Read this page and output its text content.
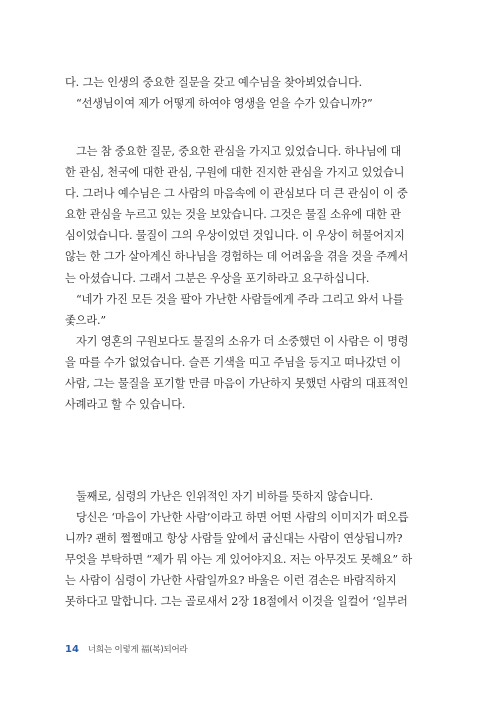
다. 그는 인생의 중요한 질문을 갖고 예수님을 찾아뵈었습니다.
“선생님이여 제가 어떻게 하여야 영생을 얻을 수가 있습니까?”
그는 참 중요한 질문, 중요한 관심을 가지고 있었습니다. 하나님에 대
한 관심, 천국에 대한 관심, 구원에 대한 진지한 관심을 가지고 있었습니
다. 그러나 예수님은 그 사람의 마음속에 이 관심보다 더 큰 관심이 이 중
요한 관심을 누르고 있는 것을 보았습니다. 그것은 물질 소유에 대한 관
심이었습니다. 물질이 그의 우상이었던 것입니다. 이 우상이 허물어지지
않는 한 그가 살아계신 하나님을 경험하는 데 어려움을 겪을 것을 주께서
는 아셨습니다. 그래서 그분은 우상을 포기하라고 요구하십니다.
“네가 가진 모든 것을 팔아 가난한 사람들에게 주라 그리고 와서 나를
좇으라.”
자기 영혼의 구원보다도 물질의 소유가 더 소중했던 이 사람은 이 명령
을 따를 수가 없었습니다. 슬픈 기색을 띠고 주님을 등지고 떠나갔던 이
사람, 그는 물질을 포기할 만큼 마음이 가난하지 못했던 사람의 대표적인
사례라고 할 수 있습니다.
둘째로, 심령의 가난은 인위적인 자기 비하를 뜻하지 않습니다.
당신은 ‘마음이 가난한 사람’이라고 하면 어떤 사람의 이미지가 떠오릅
니까? 괜히 쩔쩔매고 항상 사람들 앞에서 굽신대는 사람이 연상됩니까?
무엇을 부탁하면 “제가 뭐 아는 게 있어야지요. 저는 아무것도 못해요” 하
는 사람이 심령이 가난한 사람일까요? 바울은 이런 겸손은 바람직하지
못하다고 말합니다. 그는 골로새서 2장 18절에서 이것을 일컬어 ‘일부러
14 너희는 이렇게 福(복)되어라
